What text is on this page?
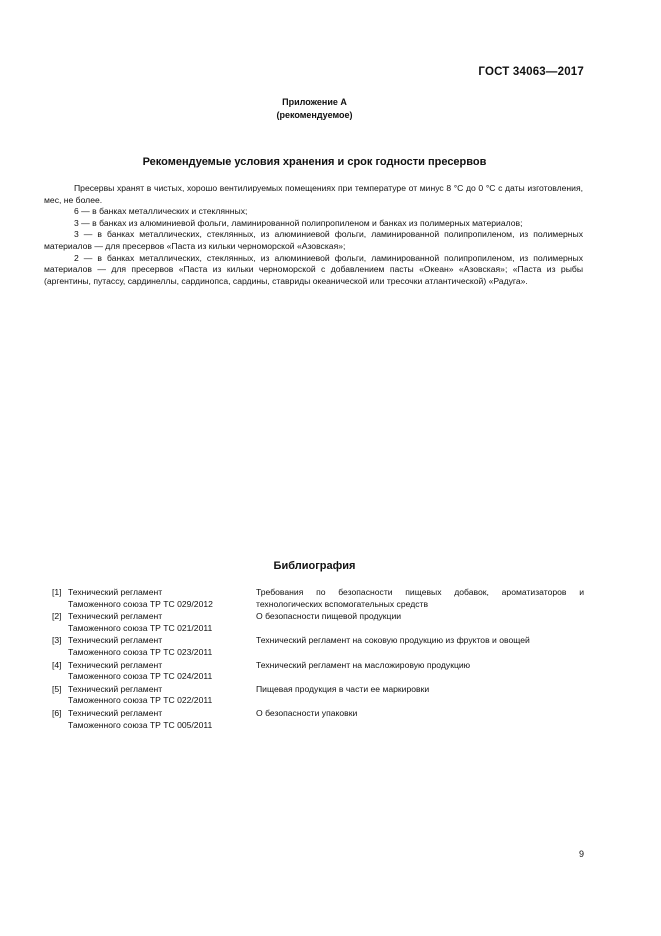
ГОСТ 34063—2017
Приложение А
(рекомендуемое)
Рекомендуемые условия хранения и срок годности пресервов

Пресервы хранят в чистых, хорошо вентилируемых помещениях при температуре от минус 8 °С до 0 °С с даты изготовления, мес, не более.

6 — в банках металлических и стеклянных;

3 — в банках из алюминиевой фольги, ламинированной полипропиленом и банках из полимерных материалов;

3 — в банках металлических, стеклянных, из алюминиевой фольги, ламинированной полипропиленом, из полимерных материалов — для пресервов «Паста из кильки черноморской «Азовская»;

2 — в банках металлических, стеклянных, из алюминиевой фольги, ламинированной полипропиленом, из полимерных материалов — для пресервов «Паста из кильки черноморской с добавлением пасты «Океан» «Азовская»; «Паста из рыбы (аргентины, путассу, сардинеллы, сардинопса, сардины, ставриды океанической или тресочки атлантической) «Радуга».

Библиография
[1] Технический регламент
Таможенного союза ТР ТС 029/2012
Требования по безопасности пищевых добавок, ароматизаторов и технологических вспомогательных средств
[2] Технический регламент
Таможенного союза ТР ТС 021/2011
О безопасности пищевой продукции
[3] Технический регламент
Таможенного союза ТР ТС 023/2011
Технический регламент на соковую продукцию из фруктов и овощей
[4] Технический регламент
Таможенного союза ТР ТС 024/2011
Технический регламент на масложировую продукцию
[5] Технический регламент
Таможенного союза ТР ТС 022/2011
Пищевая продукция в части ее маркировки
[6] Технический регламент
Таможенного союза ТР ТС 005/2011
О безопасности упаковки
9
